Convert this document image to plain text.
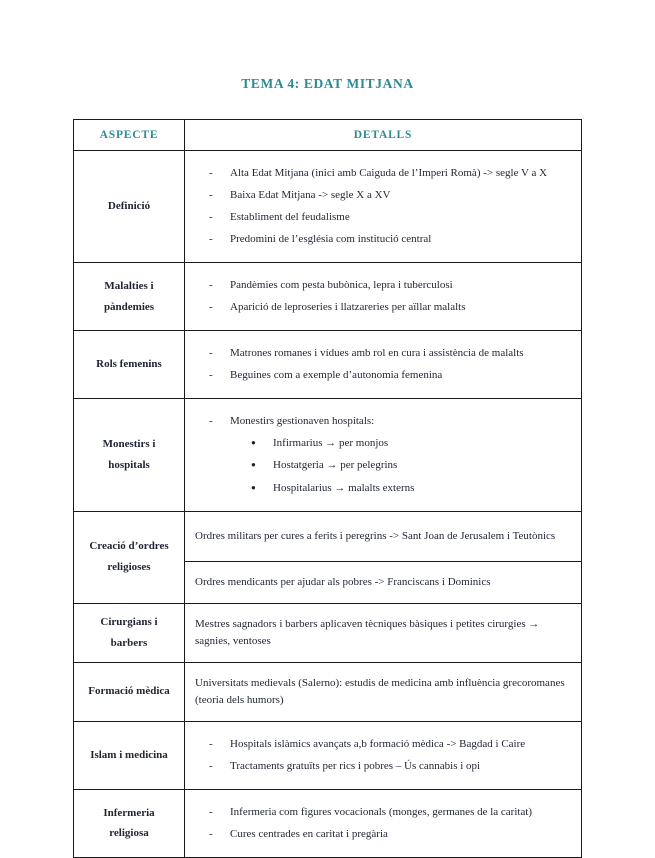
TEMA 4: EDAT MITJANA
ASPECTE	DETALLS
Definició	- Alta Edat Mitjana (inici amb Caiguda de l’Imperi Romà) -> segle V a X
- Baixa Edat Mitjana -> segle X a XV
- Establiment del feudalisme
- Predomini de l’església com institució central

Malalties i pàndemies	- Pandèmies com pesta bubònica, lepra i tuberculosi
- Aparició de leproseries i llatzareries per aïllar malalts

Rols femenins	- Matrones romanes i vídues amb rol en cura i assistència de malalts
- Beguines com a exemple d’autonomia femenina

Monestirs i hospitals	- Monestirs gestionaven hospitals:
● Infirmarius → per monjos
● Hostatgeria → per pelegrins
● Hospitalarius → malalts externs

Creació d’ordres religioses	Ordres militars per cures a ferits i peregrins -> Sant Joan de Jerusalem i Teutònics

	Ordres mendicants per ajudar als pobres -> Franciscans i Dominics

Cirurgians i barbers	Mestres sagnadors i barbers aplicaven tècniques bàsiques i petites cirurgies → sagnies, ventoses

Formació mèdica	Universitats medievals (Salerno): estudis de medicina amb influència grecoromanes (teoria dels humors)

Islam i medicina	- Hospitals islàmics avançats a,b formació mèdica -> Bagdad i Caire
- Tractaments gratuïts per rics i pobres – Ús cannabis i opi

Infermeria religiosa	- Infermeria com figures vocacionals (monges, germanes de la caritat)
- Cures centrades en caritat i pregària
